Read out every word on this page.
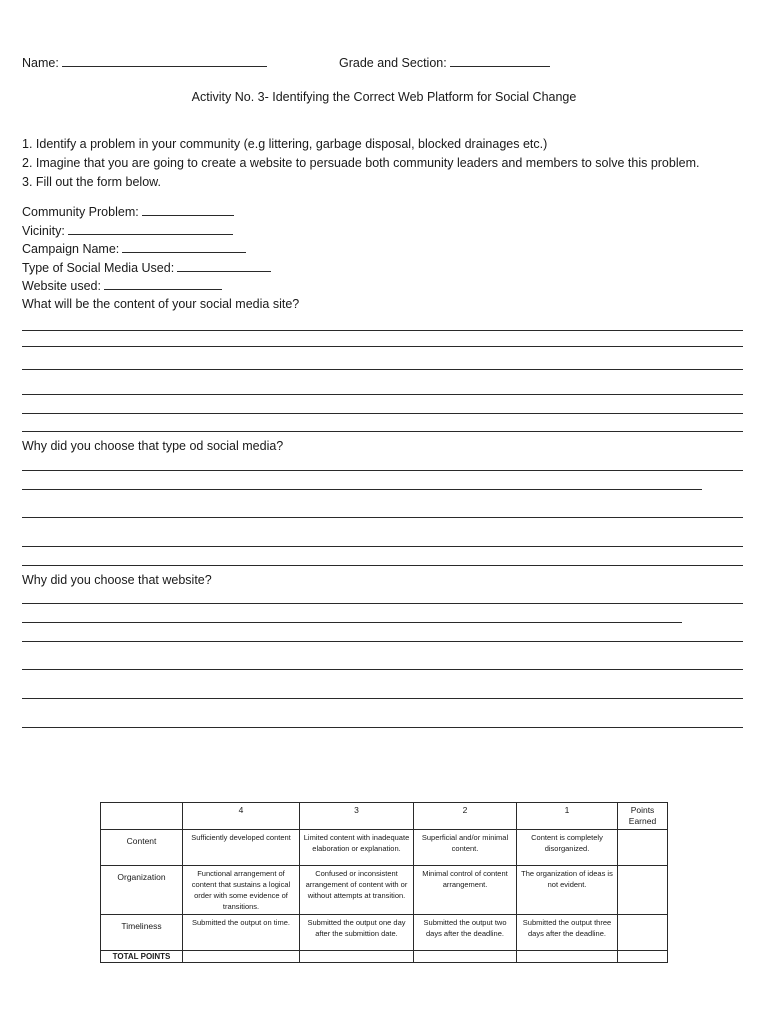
Name:	Grade and Section:
Activity No. 3- Identifying the Correct Web Platform for Social Change
1. Identify a problem in your community (e.g littering, garbage disposal, blocked drainages etc.)
2. Imagine that you are going to create a website to persuade both community leaders and members to solve this problem.
3. Fill out the form below.
Community Problem:
Vicinity:
Campaign Name:
Type of Social Media Used:
Website used:
What will be the content of your social media site?
Why did you choose that type od social media?
Why did you choose that website?
	4	3	2	1	Points Earned
Content	Sufficiently developed content	Limited content with inadequate elaboration or explanation.	Superficial and/or minimal content.	Content is completely disorganized.	
Organization	Functional arrangement of content that sustains a logical order with some evidence of transitions.	Confused or inconsistent arrangement of content with or without attempts at transition.	Minimal control of content arrangement.	The organization of ideas is not evident.	
Timeliness	Submitted the output on time.	Submitted the output one day after the submittion date.	Submitted the output two days after the deadline.	Submitted the output three days after the deadline.	
TOTAL POINTS					
